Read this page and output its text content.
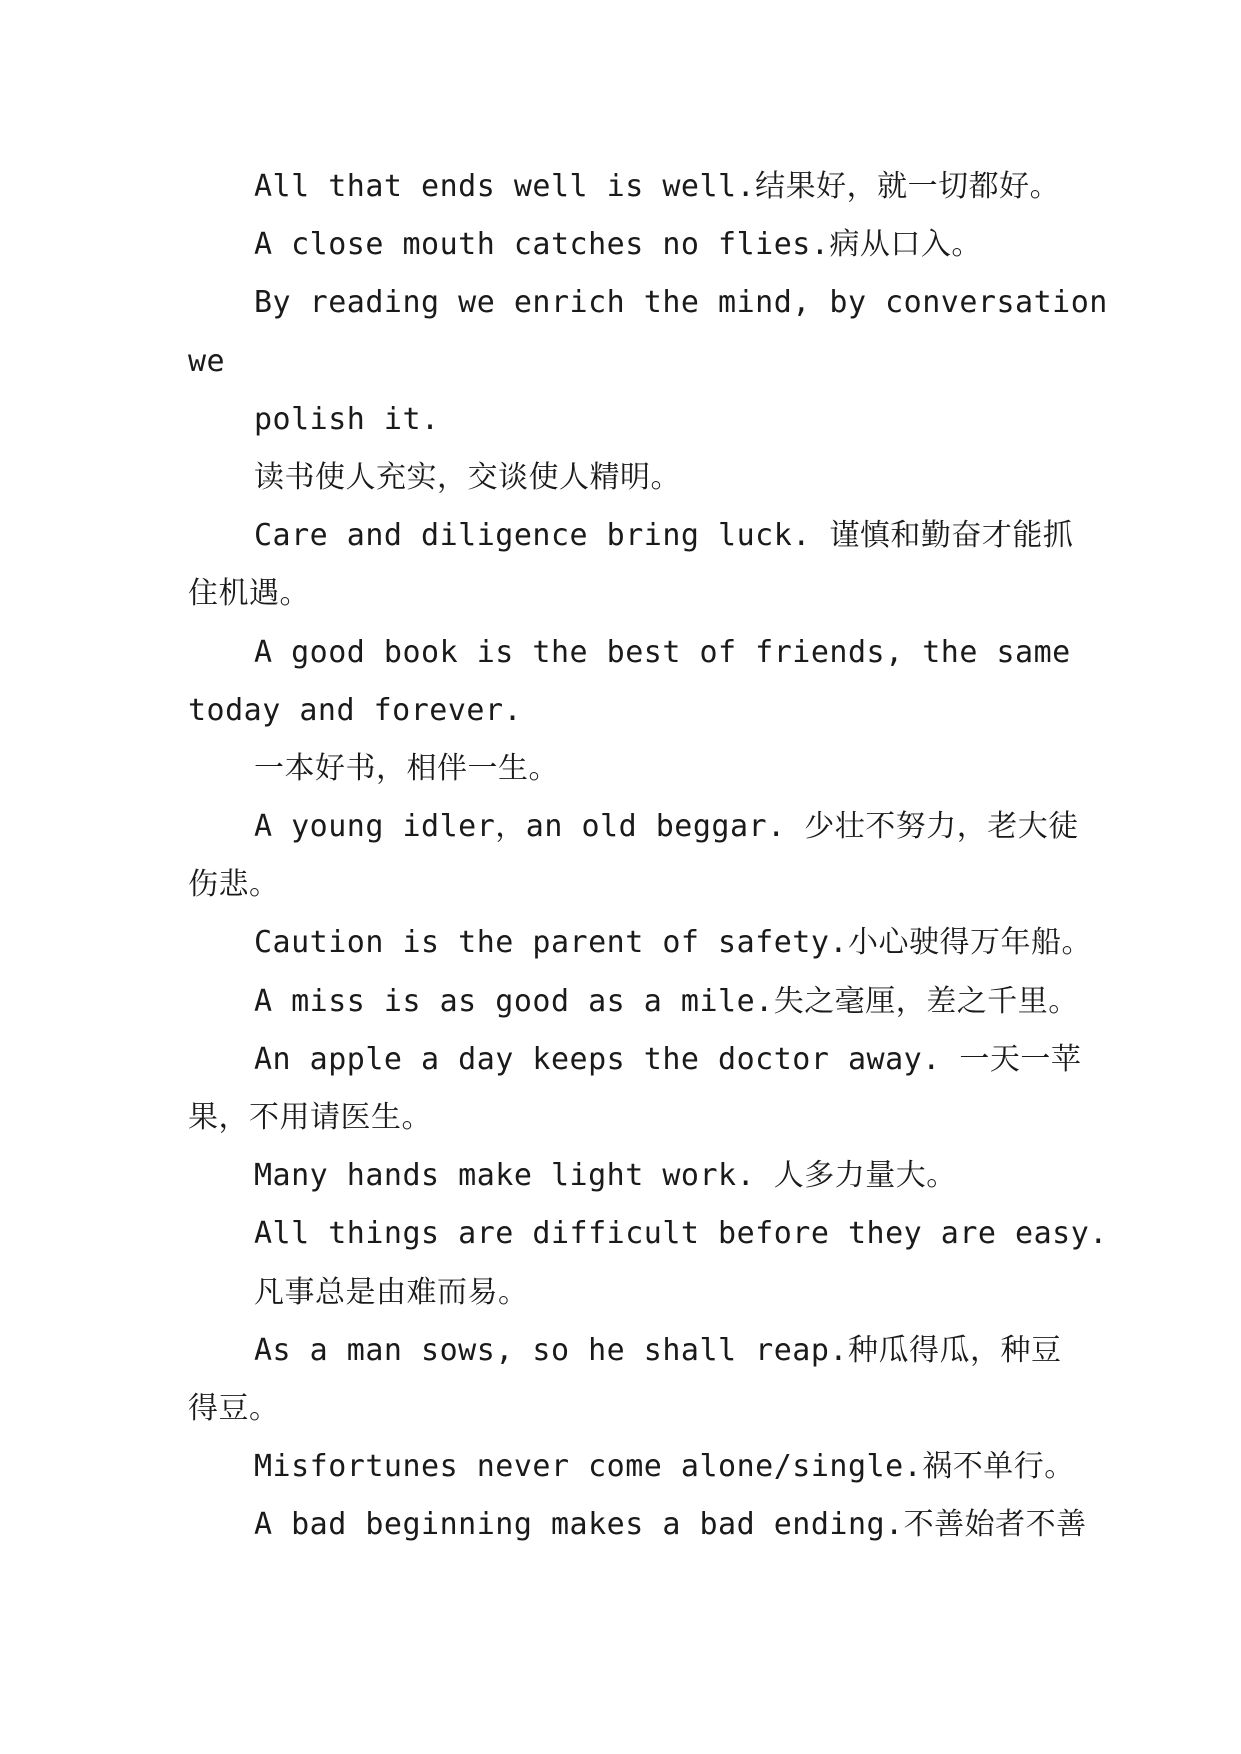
All that ends well is well.结果好，就一切都好。
A close mouth catches no flies.病从口入。
By reading we enrich the mind, by conversation
we
polish it.
读书使人充实，交谈使人精明。
Care and diligence bring luck. 谨慎和勤奋才能抓
住机遇。
A good book is the best of friends, the same
today and forever.
一本好书，相伴一生。
A young idler，an old beggar. 少壮不努力，老大徒
伤悲。
Caution is the parent of safety.小心驶得万年船。
A miss is as good as a mile.失之毫厘，差之千里。
An apple a day keeps the doctor away. 一天一苹
果，不用请医生。
Many hands make light work. 人多力量大。
All things are difficult before they are easy.
凡事总是由难而易。
As a man sows, so he shall reap.种瓜得瓜，种豆
得豆。
Misfortunes never come alone/single.祸不单行。
A bad beginning makes a bad ending.不善始者不善
